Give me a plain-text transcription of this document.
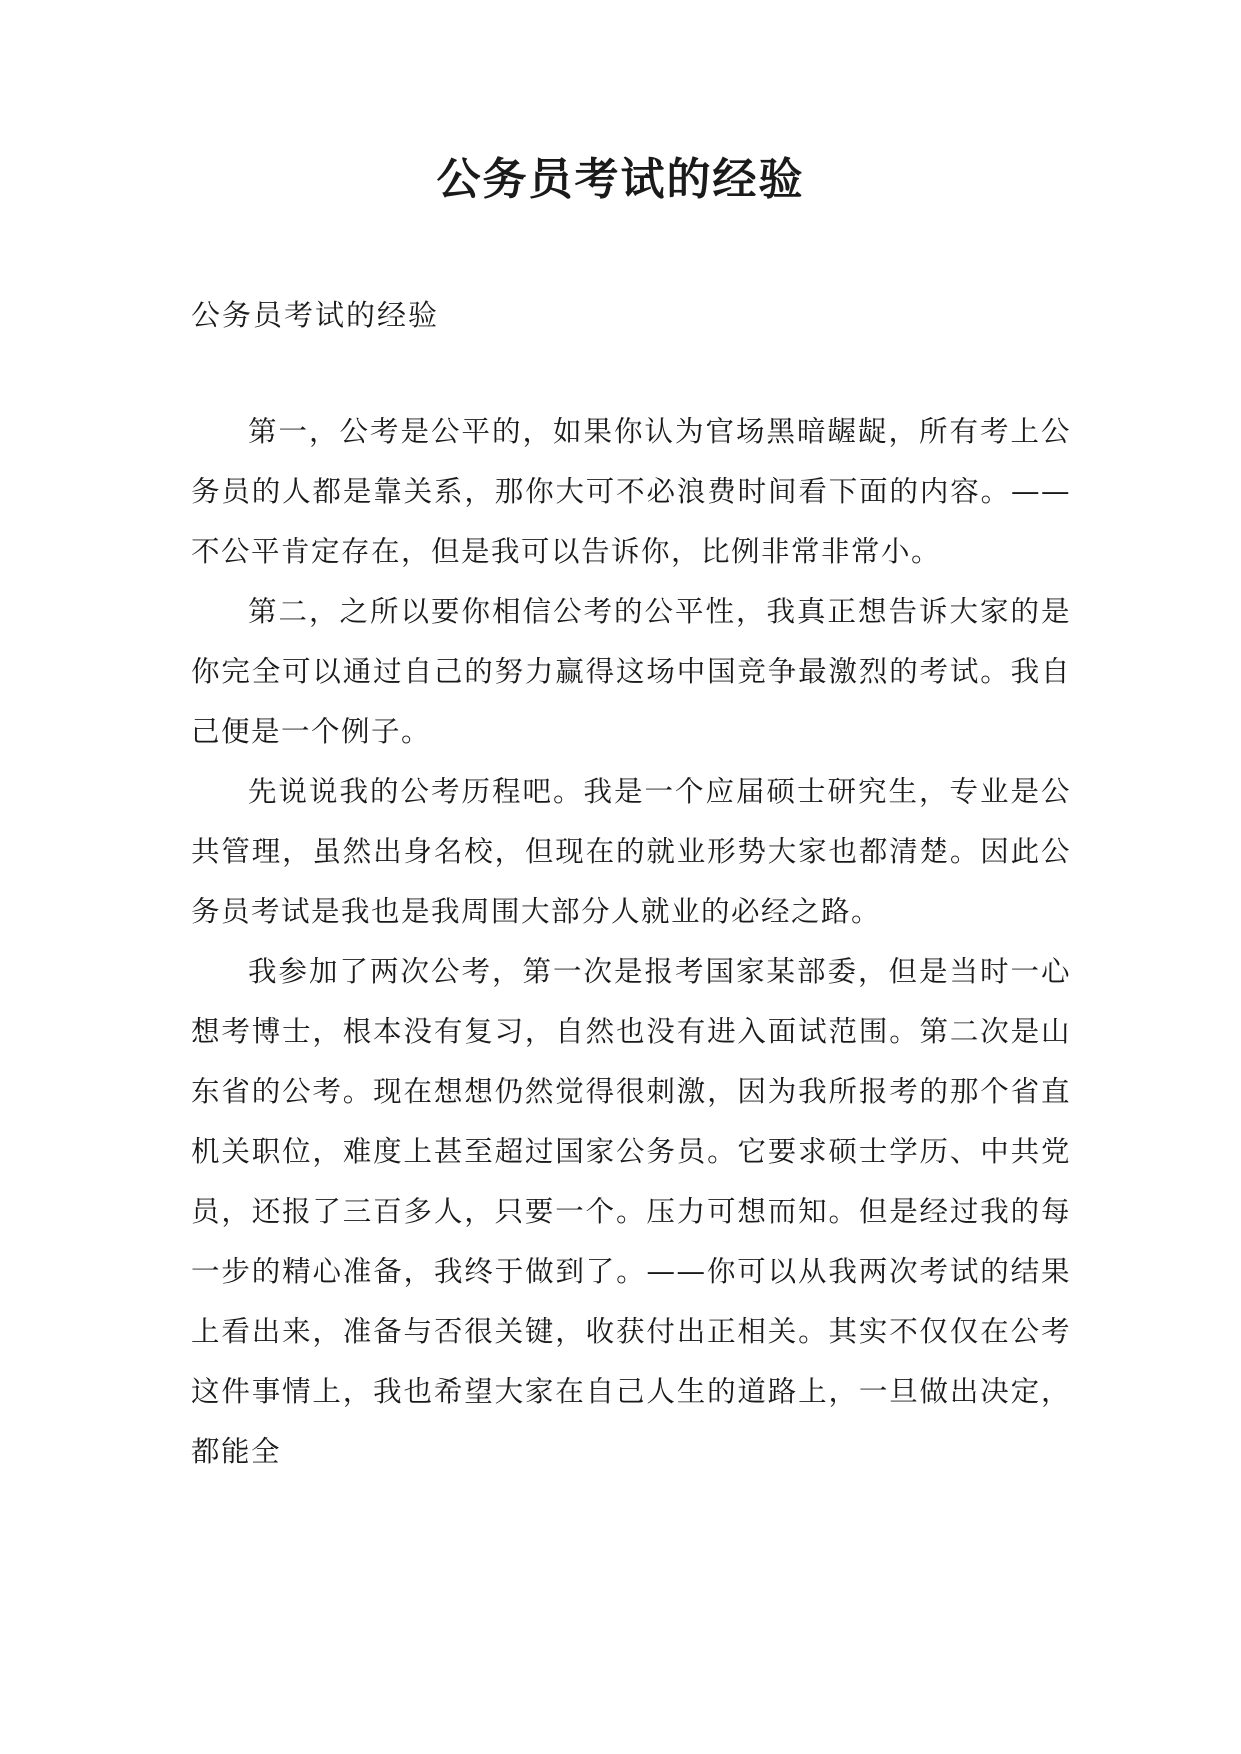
公务员考试的经验

公务员考试的经验

第一，公考是公平的，如果你认为官场黑暗龌龊，所有考上公务员的人都是靠关系，那你大可不必浪费时间看下面的内容。——不公平肯定存在，但是我可以告诉你，比例非常非常小。

第二，之所以要你相信公考的公平性，我真正想告诉大家的是你完全可以通过自己的努力赢得这场中国竞争最激烈的考试。我自己便是一个例子。

先说说我的公考历程吧。我是一个应届硕士研究生，专业是公共管理，虽然出身名校，但现在的就业形势大家也都清楚。因此公务员考试是我也是我周围大部分人就业的必经之路。

我参加了两次公考，第一次是报考国家某部委，但是当时一心想考博士，根本没有复习，自然也没有进入面试范围。第二次是山东省的公考。现在想想仍然觉得很刺激，因为我所报考的那个省直机关职位，难度上甚至超过国家公务员。它要求硕士学历、中共党员，还报了三百多人，只要一个。压力可想而知。但是经过我的每一步的精心准备，我终于做到了。——你可以从我两次考试的结果上看出来，准备与否很关键，收获付出正相关。其实不仅仅在公考这件事情上，我也希望大家在自己人生的道路上，一旦做出决定，都能全
